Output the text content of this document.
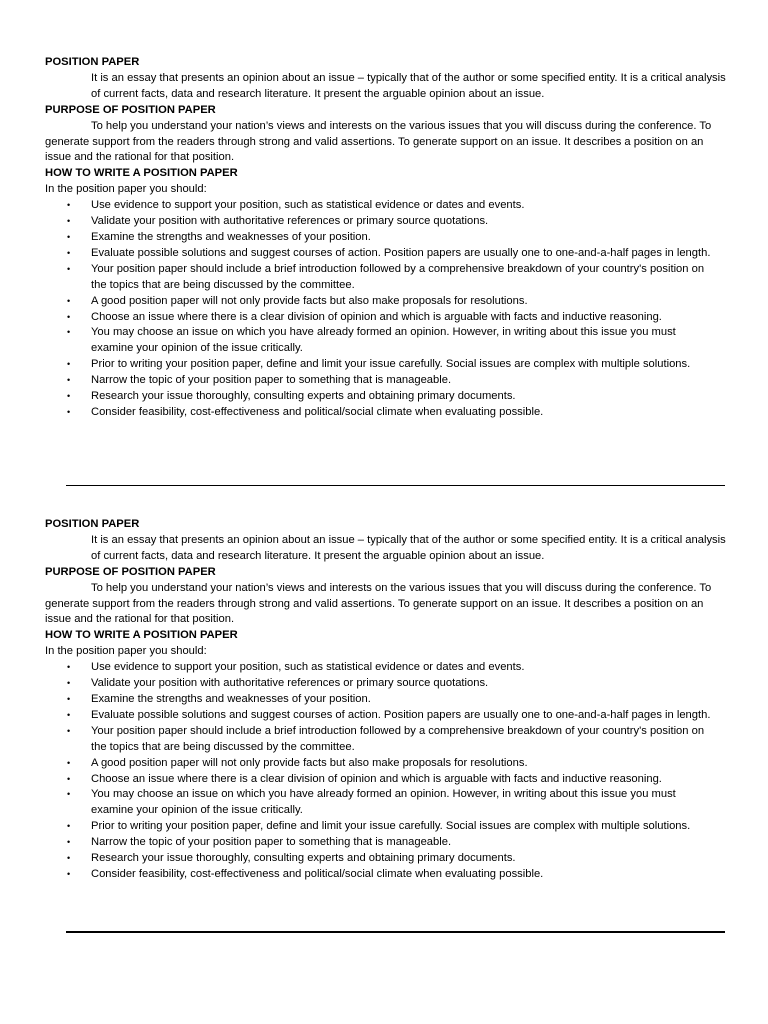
POSITION PAPER

It is an essay that presents an opinion about an issue – typically that of the author or some specified entity. It is a critical analysis of current facts, data and research literature. It present the arguable opinion about an issue.

PURPOSE OF POSITION PAPER

To help you understand your nation’s views and interests on the various issues that you will discuss during the conference. To generate support from the readers through strong and valid assertions. To generate support on an issue. It describes a position on an issue and the rational for that position.

HOW TO WRITE A POSITION PAPER

In the position paper you should:

• Use evidence to support your position, such as statistical evidence or dates and events.
• Validate your position with authoritative references or primary source quotations.
• Examine the strengths and weaknesses of your position.
• Evaluate possible solutions and suggest courses of action. Position papers are usually one to one-and-a-half pages in length.
• Your position paper should include a brief introduction followed by a comprehensive breakdown of your country's position on the topics that are being discussed by the committee.
• A good position paper will not only provide facts but also make proposals for resolutions.
• Choose an issue where there is a clear division of opinion and which is arguable with facts and inductive reasoning.
• You may choose an issue on which you have already formed an opinion. However, in writing about this issue you must examine your opinion of the issue critically.
• Prior to writing your position paper, define and limit your issue carefully. Social issues are complex with multiple solutions.
• Narrow the topic of your position paper to something that is manageable.
• Research your issue thoroughly, consulting experts and obtaining primary documents.
• Consider feasibility, cost-effectiveness and political/social climate when evaluating possible.

POSITION PAPER

It is an essay that presents an opinion about an issue – typically that of the author or some specified entity. It is a critical analysis of current facts, data and research literature. It present the arguable opinion about an issue.

PURPOSE OF POSITION PAPER

To help you understand your nation’s views and interests on the various issues that you will discuss during the conference. To generate support from the readers through strong and valid assertions. To generate support on an issue. It describes a position on an issue and the rational for that position.

HOW TO WRITE A POSITION PAPER

In the position paper you should:

• Use evidence to support your position, such as statistical evidence or dates and events.
• Validate your position with authoritative references or primary source quotations.
• Examine the strengths and weaknesses of your position.
• Evaluate possible solutions and suggest courses of action. Position papers are usually one to one-and-a-half pages in length.
• Your position paper should include a brief introduction followed by a comprehensive breakdown of your country's position on the topics that are being discussed by the committee.
• A good position paper will not only provide facts but also make proposals for resolutions.
• Choose an issue where there is a clear division of opinion and which is arguable with facts and inductive reasoning.
• You may choose an issue on which you have already formed an opinion. However, in writing about this issue you must examine your opinion of the issue critically.
• Prior to writing your position paper, define and limit your issue carefully. Social issues are complex with multiple solutions.
• Narrow the topic of your position paper to something that is manageable.
• Research your issue thoroughly, consulting experts and obtaining primary documents.
• Consider feasibility, cost-effectiveness and political/social climate when evaluating possible.
